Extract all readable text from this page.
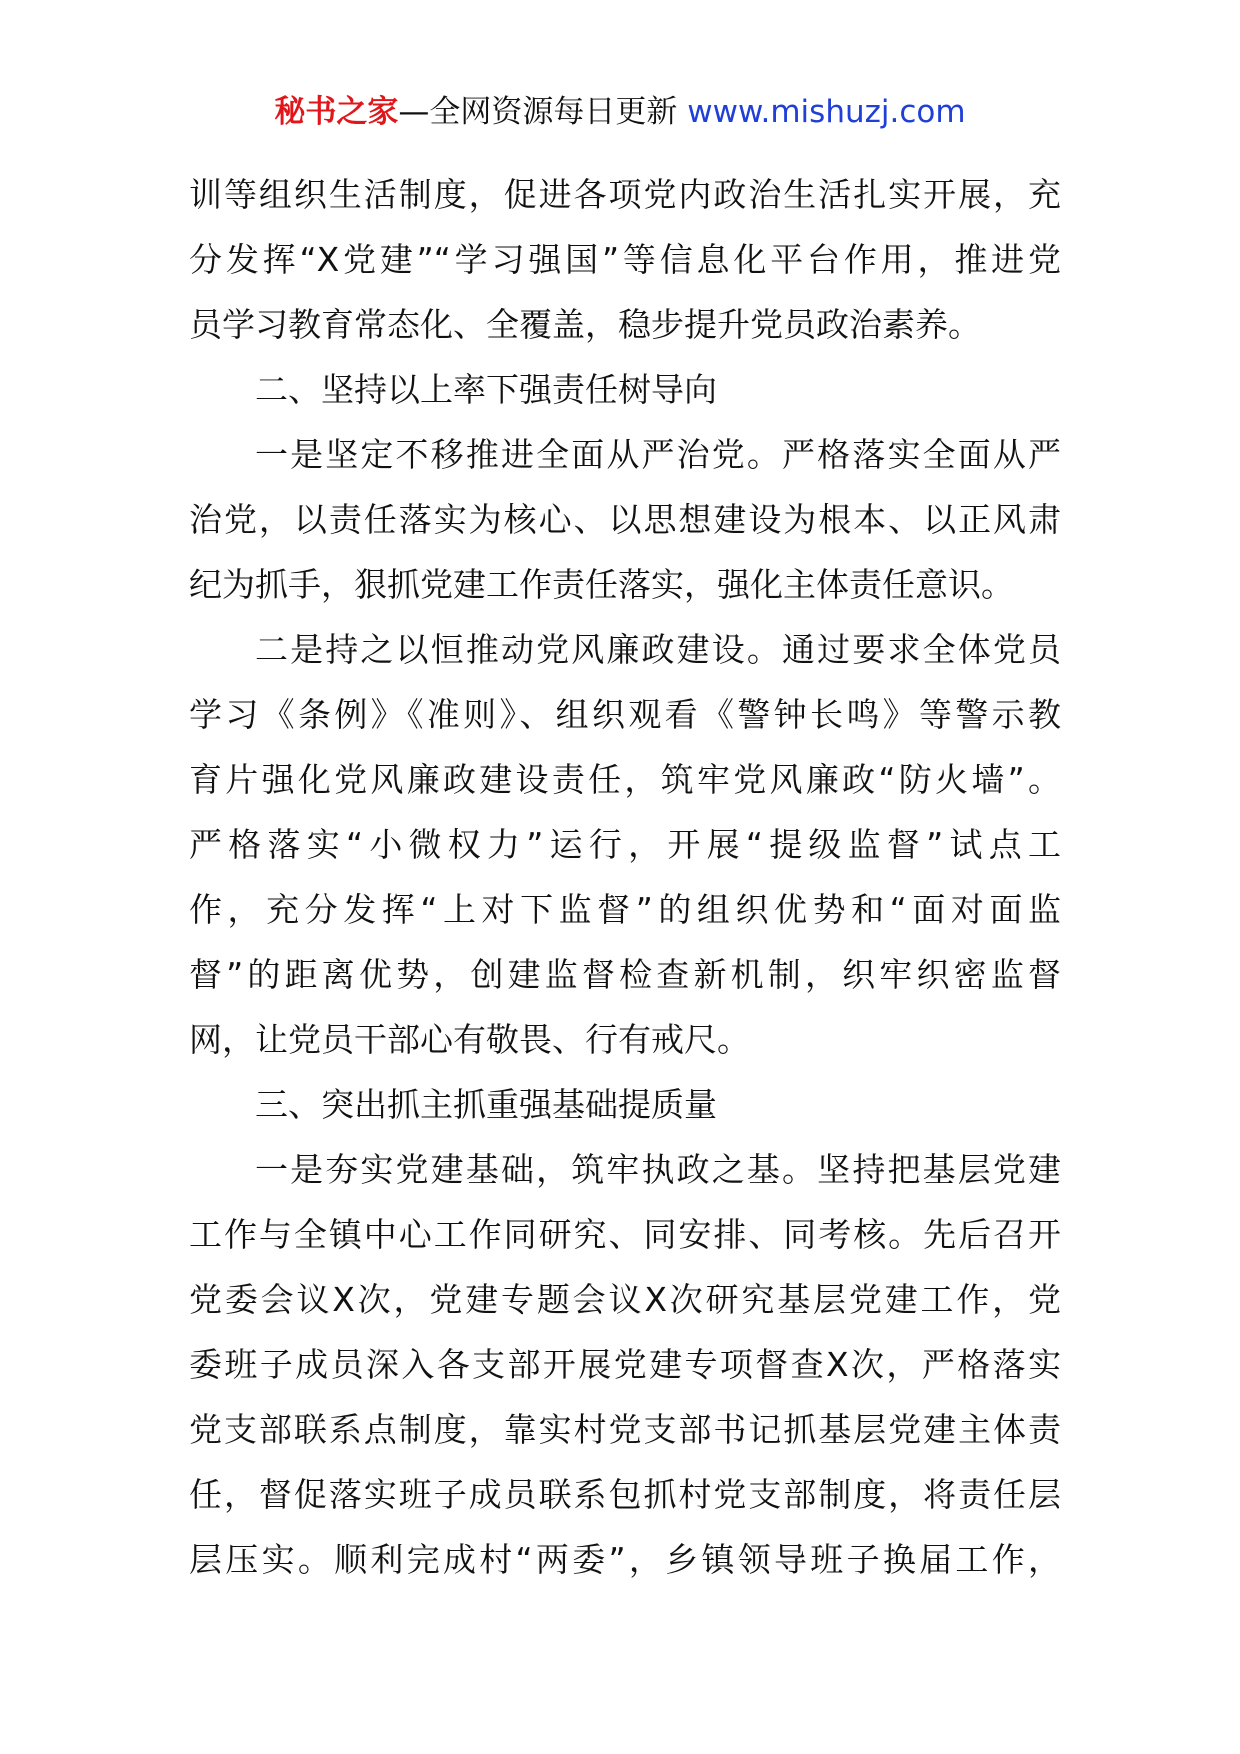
秘书之家—全网资源每日更新 www.mishuzj.com
训等组织生活制度，促进各项党内政治生活扎实开展，充
分发挥“X党建”“学习强国”等信息化平台作用，推进党
员学习教育常态化、全覆盖，稳步提升党员政治素养。
二、坚持以上率下强责任树导向
一是坚定不移推进全面从严治党。严格落实全面从严
治党，以责任落实为核心、以思想建设为根本、以正风肃
纪为抓手，狠抓党建工作责任落实，强化主体责任意识。
二是持之以恒推动党风廉政建设。通过要求全体党员
学习《条例》《准则》、组织观看《警钟长鸣》等警示教
育片强化党风廉政建设责任，筑牢党风廉政“防火墙”。
严格落实“小微权力”运行，开展“提级监督”试点工
作，充分发挥“上对下监督”的组织优势和“面对面监
督”的距离优势，创建监督检查新机制，织牢织密监督
网，让党员干部心有敬畏、行有戒尺。
三、突出抓主抓重强基础提质量
一是夯实党建基础，筑牢执政之基。坚持把基层党建
工作与全镇中心工作同研究、同安排、同考核。先后召开
党委会议X次，党建专题会议X次研究基层党建工作，党
委班子成员深入各支部开展党建专项督查X次，严格落实
党支部联系点制度，靠实村党支部书记抓基层党建主体责
任，督促落实班子成员联系包抓村党支部制度，将责任层
层压实。顺利完成村“两委”，乡镇领导班子换届工作，
